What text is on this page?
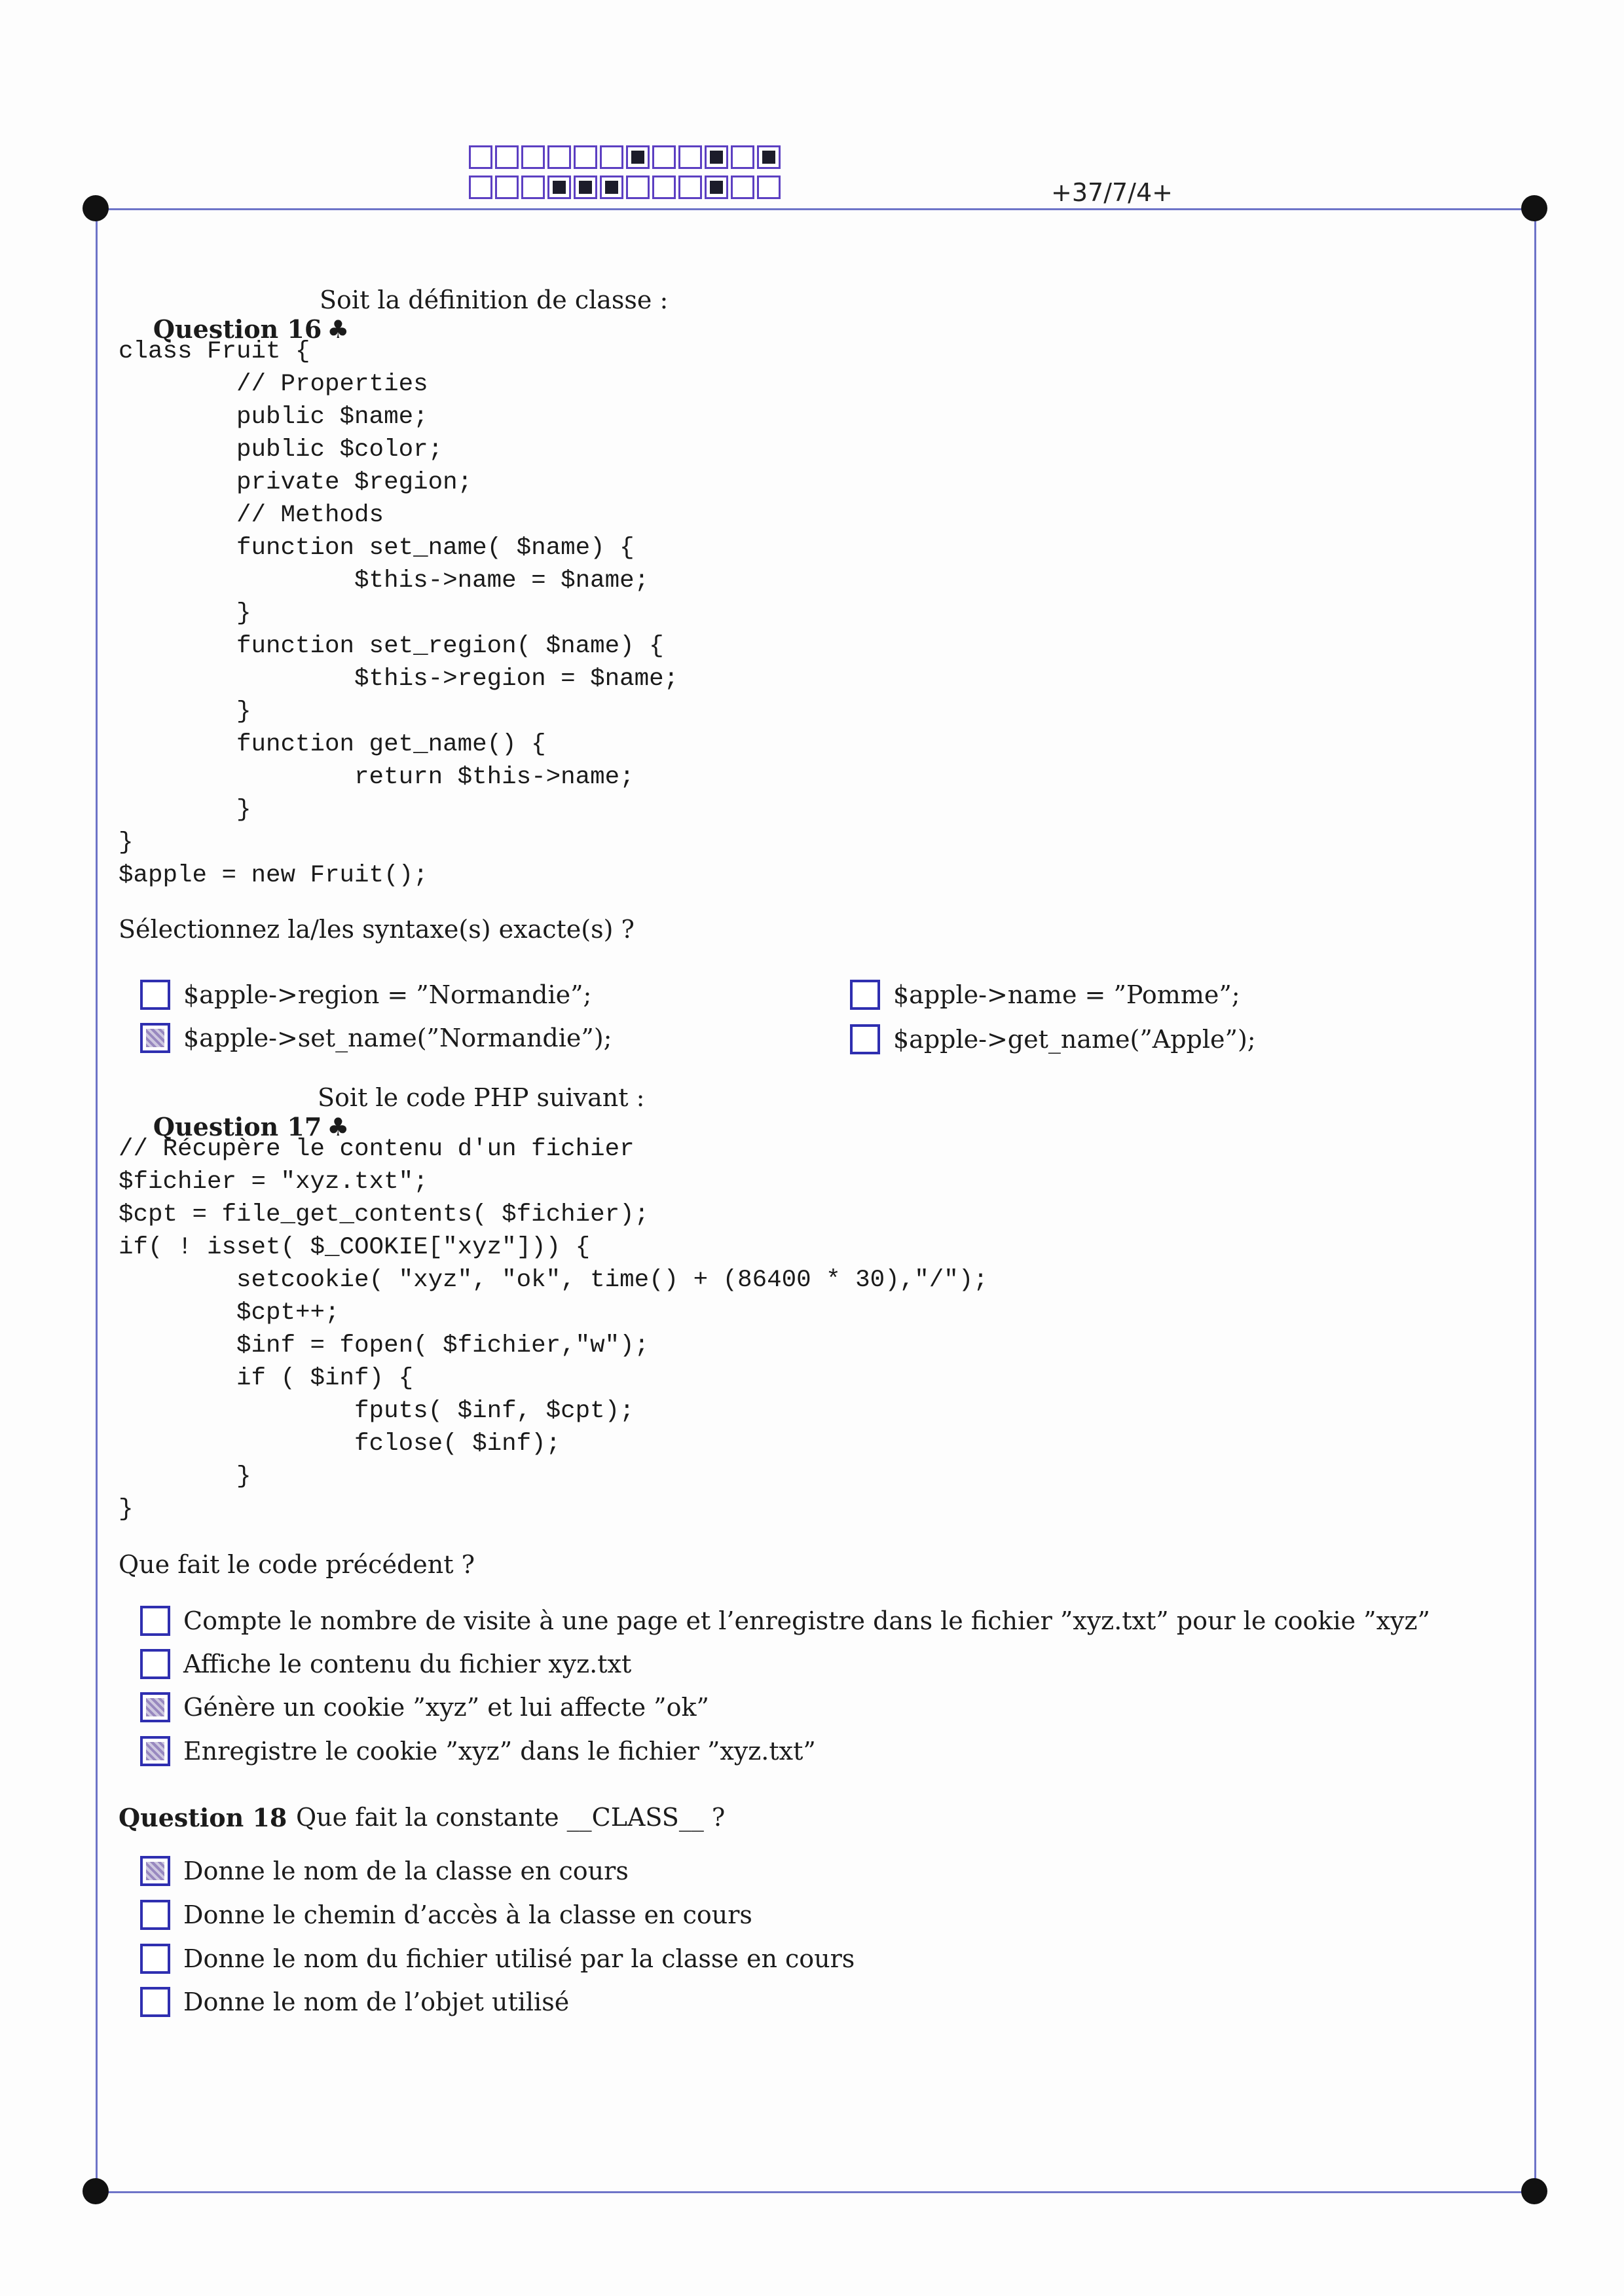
+37/7/4+

Question 16 ♣

Soit la définition de classe :
class Fruit {
// Properties
public $name;
public $color;
private $region;
// Methods
function set_name( $name) {
$this->name = $name;
}
function set_region( $name) {
$this->region = $name;
}
function get_name() {
return $this->name;
}
}
$apple = new Fruit();
Sélectionnez la/les syntaxe(s) exacte(s) ?
$apple->region = ”Normandie”;
$apple->set_name(”Normandie”);
$apple->name = ”Pomme”;
$apple->get_name(”Apple”);

Question 17 ♣

Soit le code PHP suivant :
// Récupère le contenu d'un fichier
$fichier = "xyz.txt";
$cpt = file_get_contents( $fichier);
if( ! isset( $_COOKIE["xyz"])) {
setcookie( "xyz", "ok", time() + (86400 * 30),"/");
$cpt++;
$inf = fopen( $fichier,"w");
if ( $inf) {
fputs( $inf, $cpt);
fclose( $inf);
}
}
Que fait le code précédent ?
Compte le nombre de visite à une page et l’enregistre dans le fichier ”xyz.txt” pour le cookie ”xyz”
Affiche le contenu du fichier xyz.txt
Génère un cookie ”xyz” et lui affecte ”ok”
Enregistre le cookie ”xyz” dans le fichier ”xyz.txt”
Question 18 Que fait la constante __CLASS__ ?
Donne le nom de la classe en cours
Donne le chemin d’accès à la classe en cours
Donne le nom du fichier utilisé par la classe en cours
Donne le nom de l’objet utilisé
